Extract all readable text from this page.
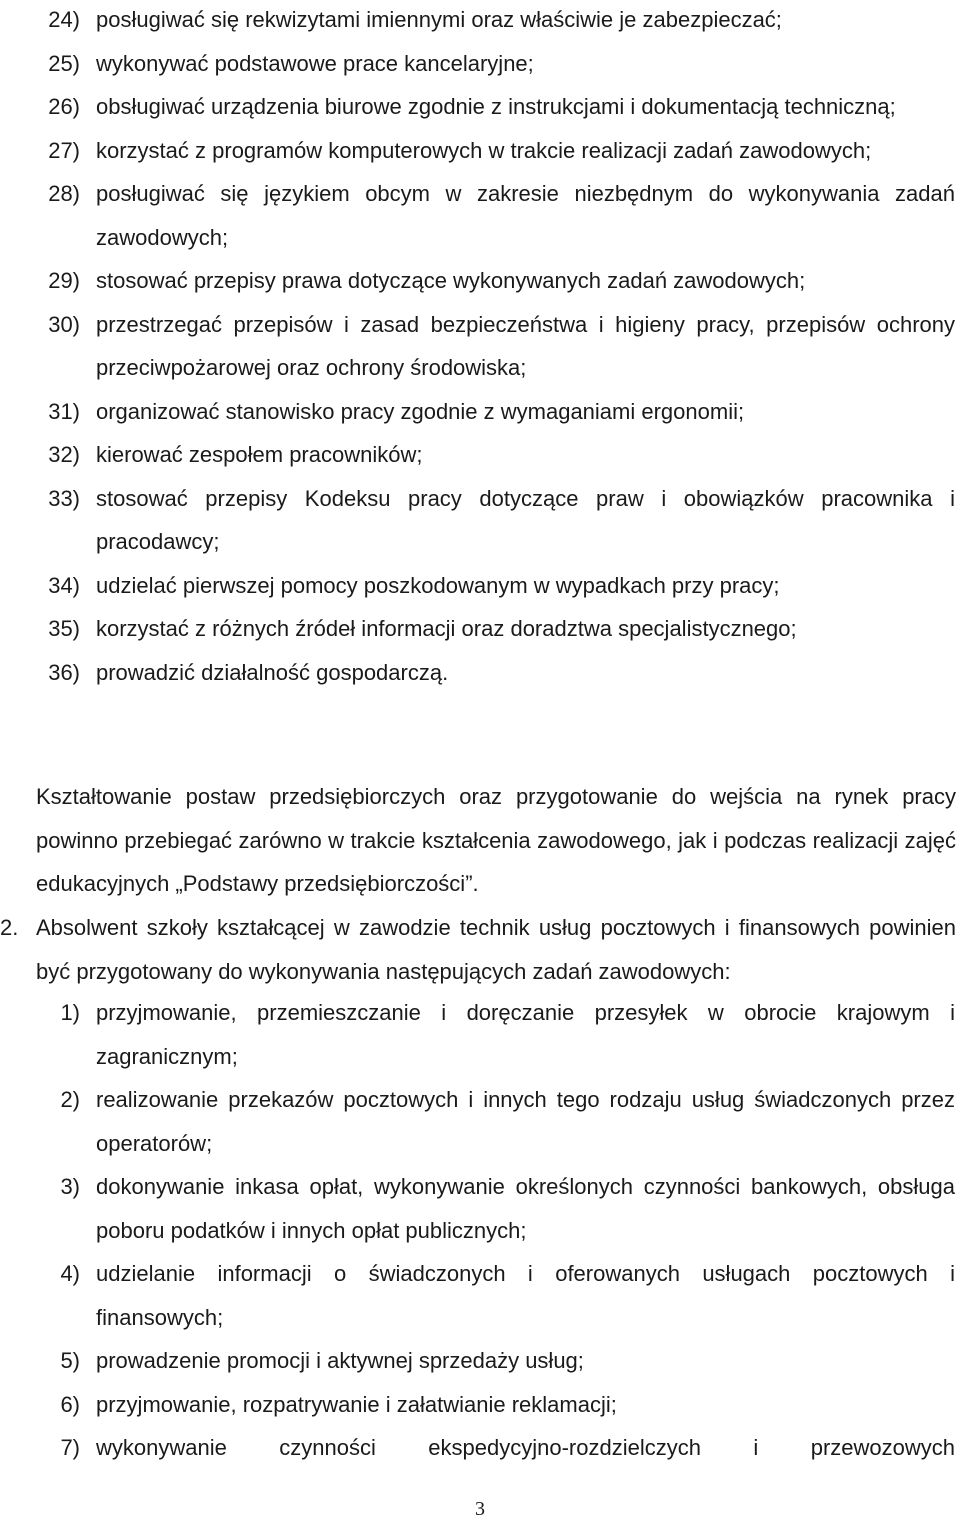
24) posługiwać się rekwizytami imiennymi oraz właściwie je zabezpieczać;
25) wykonywać podstawowe prace kancelaryjne;
26) obsługiwać urządzenia biurowe zgodnie z instrukcjami i dokumentacją techniczną;
27) korzystać z programów komputerowych w trakcie realizacji zadań zawodowych;
28) posługiwać się językiem obcym w zakresie niezbędnym do wykonywania zadań zawodowych;
29) stosować przepisy prawa dotyczące wykonywanych zadań zawodowych;
30) przestrzegać przepisów i zasad bezpieczeństwa i higieny pracy, przepisów ochrony przeciwpożarowej oraz ochrony środowiska;
31) organizować stanowisko pracy zgodnie z wymaganiami ergonomii;
32) kierować zespołem pracowników;
33) stosować przepisy Kodeksu pracy dotyczące praw i obowiązków pracownika i pracodawcy;
34) udzielać pierwszej pomocy poszkodowanym w wypadkach przy pracy;
35) korzystać z różnych źródeł informacji oraz doradztwa specjalistycznego;
36) prowadzić działalność gospodarczą.
Kształtowanie postaw przedsiębiorczych oraz przygotowanie do wejścia na rynek pracy powinno przebiegać zarówno w trakcie kształcenia zawodowego, jak i podczas realizacji zajęć edukacyjnych „Podstawy przedsiębiorczości”.
2. Absolwent szkoły kształcącej w zawodzie technik usług pocztowych i finansowych powinien być przygotowany do wykonywania następujących zadań zawodowych:
1) przyjmowanie, przemieszczanie i doręczanie przesyłek w obrocie krajowym i zagranicznym;
2) realizowanie przekazów pocztowych i innych tego rodzaju usług świadczonych przez operatorów;
3) dokonywanie inkasa opłat, wykonywanie określonych czynności bankowych, obsługa poboru podatków i innych opłat publicznych;
4) udzielanie informacji o świadczonych i oferowanych usługach pocztowych i finansowych;
5) prowadzenie promocji i aktywnej sprzedaży usług;
6) przyjmowanie, rozpatrywanie i załatwianie reklamacji;
7) wykonywanie czynności ekspedycyjno-rozdzielczych i przewozowych
3
